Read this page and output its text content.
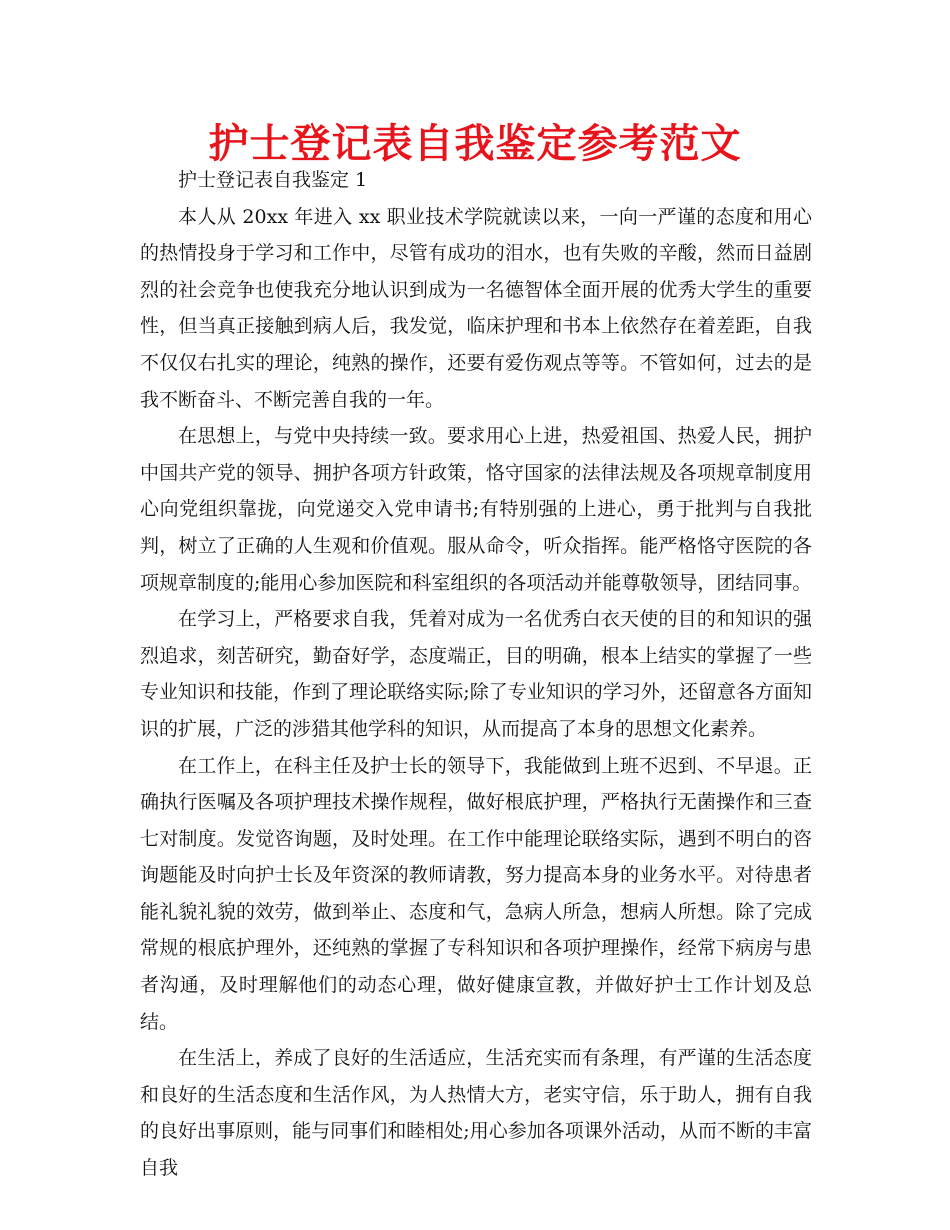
护士登记表自我鉴定参考范文

护士登记表自我鉴定 1

本人从 20xx 年进入 xx 职业技术学院就读以来，一向一严谨的态度和用心的热情投身于学习和工作中，尽管有成功的泪水，也有失败的辛酸，然而日益剧烈的社会竞争也使我充分地认识到成为一名德智体全面开展的优秀大学生的重要性，但当真正接触到病人后，我发觉，临床护理和书本上依然存在着差距，自我不仅仅右扎实的理论，纯熟的操作，还要有爱伤观点等等。不管如何，过去的是我不断奋斗、不断完善自我的一年。

在思想上，与党中央持续一致。要求用心上进，热爱祖国、热爱人民，拥护中国共产党的领导、拥护各项方针政策，恪守国家的法律法规及各项规章制度用心向党组织靠拢，向党递交入党申请书;有特别强的上进心，勇于批判与自我批判，树立了正确的人生观和价值观。服从命令，听众指挥。能严格恪守医院的各项规章制度的;能用心参加医院和科室组织的各项活动并能尊敬领导，团结同事。

在学习上，严格要求自我，凭着对成为一名优秀白衣天使的目的和知识的强烈追求，刻苦研究，勤奋好学，态度端正，目的明确，根本上结实的掌握了一些专业知识和技能，作到了理论联络实际;除了专业知识的学习外，还留意各方面知识的扩展，广泛的涉猎其他学科的知识，从而提高了本身的思想文化素养。

在工作上，在科主任及护士长的领导下，我能做到上班不迟到、不早退。正确执行医嘱及各项护理技术操作规程，做好根底护理，严格执行无菌操作和三查七对制度。发觉咨询题，及时处理。在工作中能理论联络实际，遇到不明白的咨询题能及时向护士长及年资深的教师请教，努力提高本身的业务水平。对待患者能礼貌礼貌的效劳，做到举止、态度和气，急病人所急，想病人所想。除了完成常规的根底护理外，还纯熟的掌握了专科知识和各项护理操作，经常下病房与患者沟通，及时理解他们的动态心理，做好健康宣教，并做好护士工作计划及总结。

在生活上，养成了良好的生活适应，生活充实而有条理，有严谨的生活态度和良好的生活态度和生活作风，为人热情大方，老实守信，乐于助人，拥有自我的良好出事原则，能与同事们和睦相处;用心参加各项课外活动，从而不断的丰富自我
